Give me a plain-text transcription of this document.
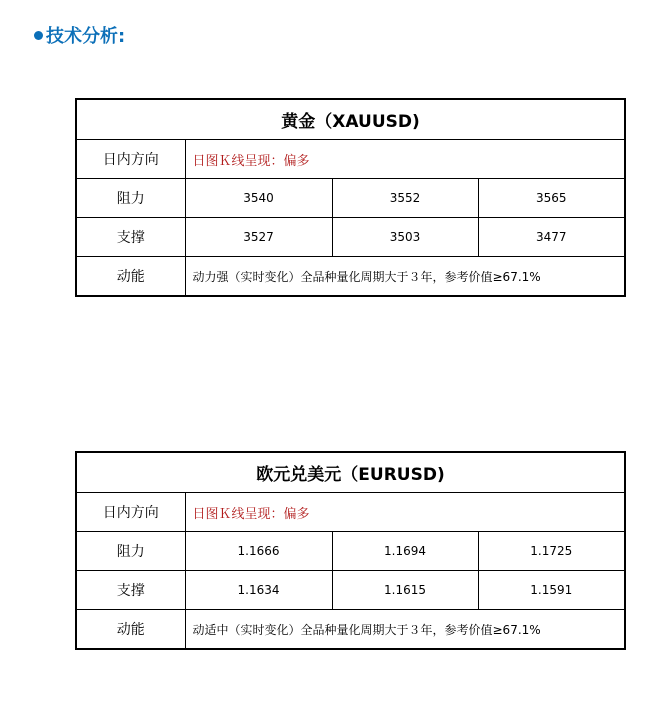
技术分析:
黄金（XAUUSD)			
日内方向	日图Ｋ线呈现：偏多		
阻力	3540	3552	3565
支撑	3527	3503	3477
动能	动力强（实时变化）全品种量化周期大于３年，参考价值≥67.1%		
欧元兑美元（EURUSD)			
日内方向	日图Ｋ线呈现：偏多		
阻力	1.1666	1.1694	1.1725
支撑	1.1634	1.1615	1.1591
动能	动适中（实时变化）全品种量化周期大于３年，参考价值≥67.1%		
